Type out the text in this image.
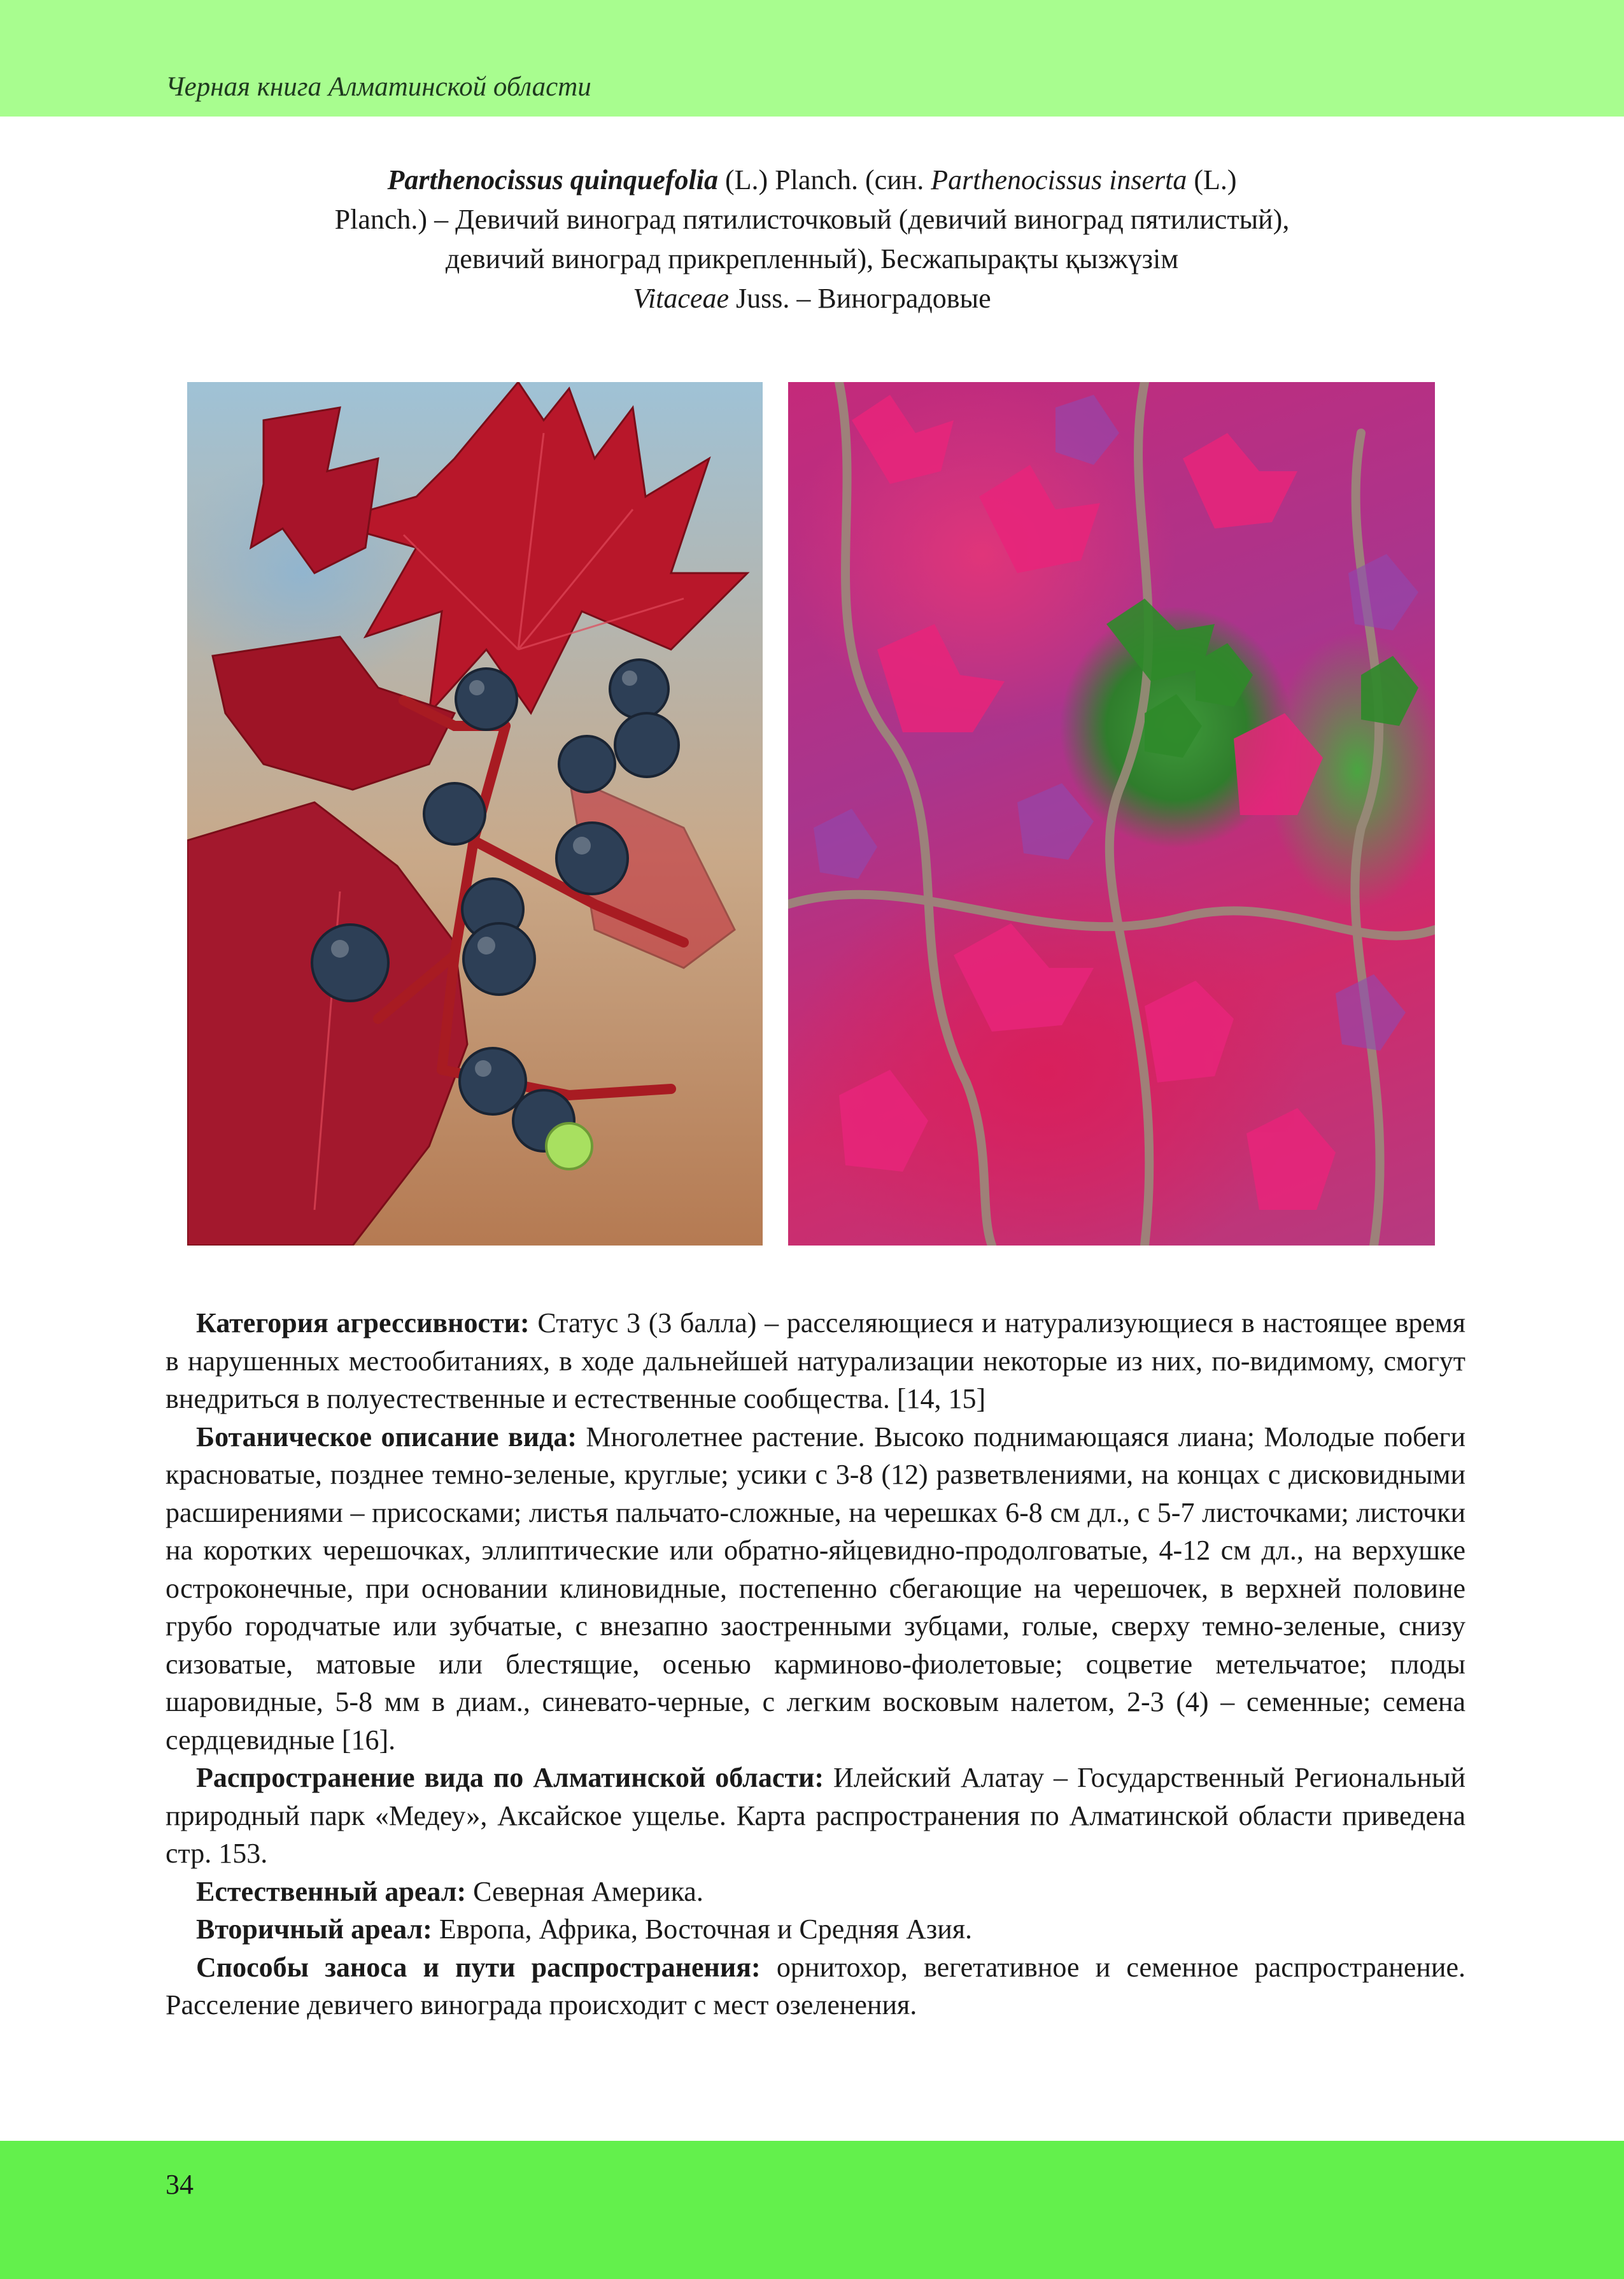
Черная книга Алматинской области
Parthenocissus quinquefolia (L.) Planch. (син. Parthenocissus inserta (L.)
Planch.) – Девичий виноград пятилисточковый (девичий виноград пятилистый),
девичий виноград прикрепленный), Бесжапырақты қызжүзім
Vitaceae Juss. – Виноградовые

Категория агрессивности: Статус 3 (3 балла) – расселяющиеся и натурализующиеся в настоящее время в нарушенных местообитаниях, в ходе дальнейшей натурализации некоторые из них, по-видимому, смогут внедриться в полуестественные и естественные сообщества. [14, 15]

Ботаническое описание вида: Многолетнее растение. Высоко поднимающаяся лиана; Молодые побеги красноватые, позднее темно-зеленые, круглые; усики с 3-8 (12) разветвлениями, на концах с дисковидными расширениями – присосками; листья пальчато-сложные, на черешках 6-8 см дл., с 5-7 листочками; листочки на коротких черешочках, эллиптические или обратно-яйцевидно-продолговатые, 4-12 см дл., на верхушке остроконечные, при основании клиновидные, постепенно сбегающие на черешочек, в верхней половине грубо городчатые или зубчатые, с внезапно заостренными зубцами, голые, сверху темно-зеленые, снизу сизоватые, матовые или блестящие, осенью карминово-фиолетовые; соцветие метельчатое; плоды шаровидные, 5-8 мм в диам., синевато-черные, с легким восковым налетом, 2-3 (4) – семенные; семена сердцевидные [16].

Распространение вида по Алматинской области: Илейский Алатау – Государственный Региональный природный парк «Медеу», Аксайское ущелье. Карта распространения по Алматинской области приведена стр. 153.

Естественный ареал: Северная Америка.

Вторичный ареал: Европа, Африка, Восточная и Средняя Азия.

Способы заноса и пути распространения: орнитохор, вегетативное и семенное распространение. Расселение девичего винограда происходит с мест озеленения.

34
